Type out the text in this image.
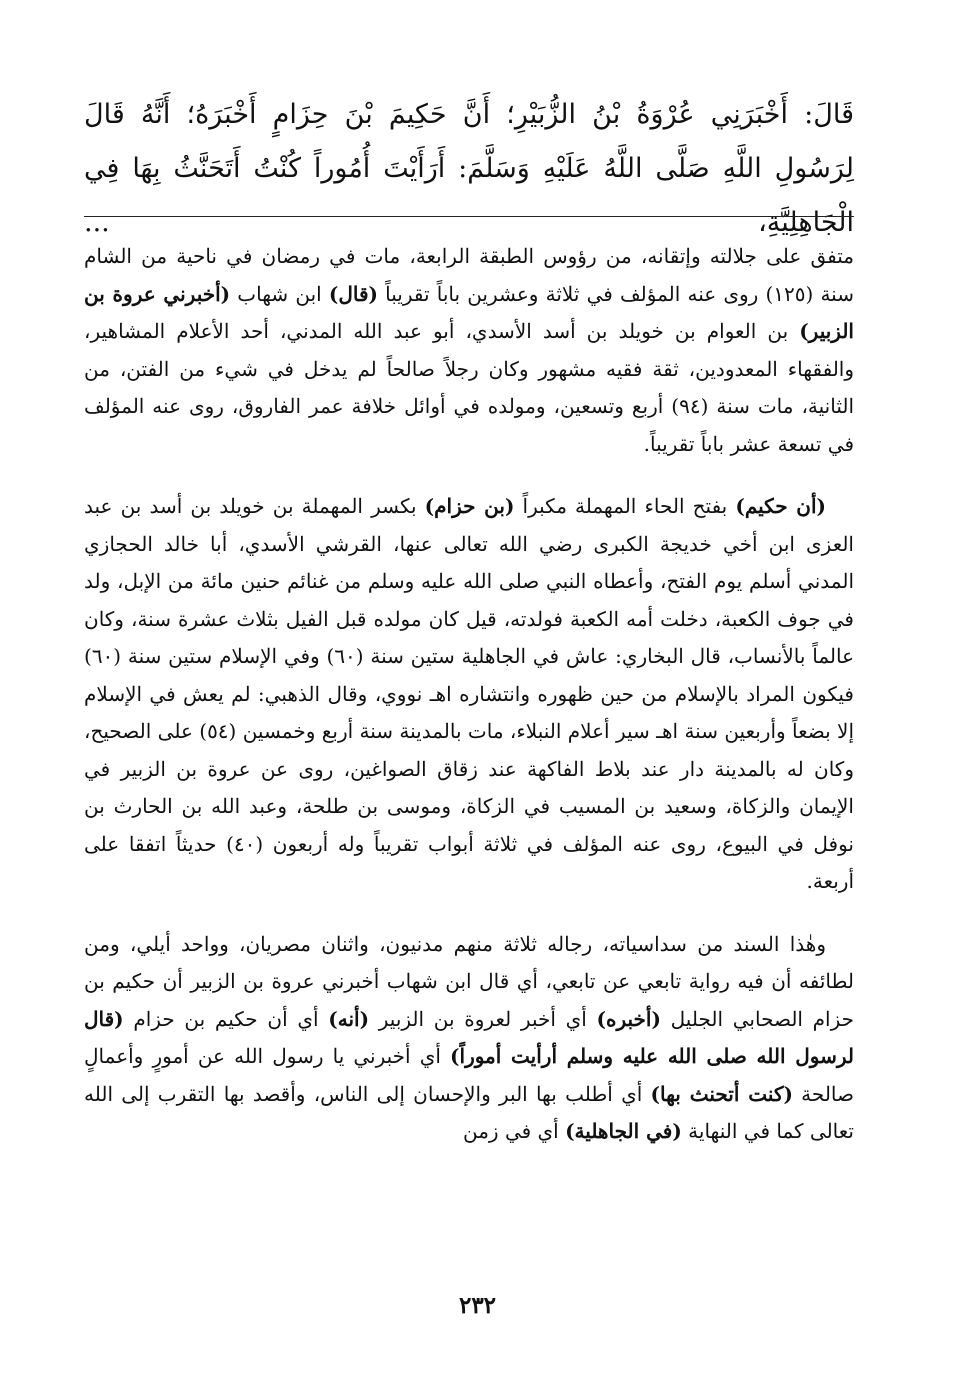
قَالَ: أَخْبَرَنِي عُرْوَةُ بْنُ الزُّبَيْرِ؛ أَنَّ حَكِيمَ بْنَ حِزَامٍ أَخْبَرَهُ؛ أَنَّهُ قَالَ لِرَسُولِ اللَّهِ صَلَّى اللَّهُ عَلَيْهِ وَسَلَّمَ: أَرَأَيْتَ أُمُوراً كُنْتُ أَتَحَنَّثُ بِهَا فِي الْجَاهِلِيَّةِ، ...

متفق على جلالته وإتقانه، من رؤوس الطبقة الرابعة، مات في رمضان في ناحية من الشام سنة (١٢٥) روى عنه المؤلف في ثلاثة وعشرين باباً تقريباً (قال) ابن شهاب (أخبرني عروة بن الزبير) بن العوام بن خويلد بن أسد الأسدي، أبو عبد الله المدني، أحد الأعلام المشاهير، والفقهاء المعدودين، ثقة فقيه مشهور وكان رجلاً صالحاً لم يدخل في شيء من الفتن، من الثانية، مات سنة (٩٤) أربع وتسعين، ومولده في أوائل خلافة عمر الفاروق، روى عنه المؤلف في تسعة عشر باباً تقريباً.

(أن حكيم) بفتح الحاء المهملة مكبراً (بن حزام) بكسر المهملة بن خويلد بن أسد بن عبد العزى ابن أخي خديجة الكبرى رضي الله تعالى عنها، القرشي الأسدي، أبا خالد الحجازي المدني أسلم يوم الفتح، وأعطاه النبي صلى الله عليه وسلم من غنائم حنين مائة من الإبل، ولد في جوف الكعبة، دخلت أمه الكعبة فولدته، قيل كان مولده قبل الفيل بثلاث عشرة سنة، وكان عالماً بالأنساب، قال البخاري: عاش في الجاهلية ستين سنة (٦٠) وفي الإسلام ستين سنة (٦٠) فيكون المراد بالإسلام من حين ظهوره وانتشاره اهـ نووي، وقال الذهبي: لم يعش في الإسلام إلا بضعاً وأربعين سنة اهـ سير أعلام النبلاء، مات بالمدينة سنة أربع وخمسين (٥٤) على الصحيح، وكان له بالمدينة دار عند بلاط الفاكهة عند زقاق الصواغين، روى عن عروة بن الزبير في الإيمان والزكاة، وسعيد بن المسيب في الزكاة، وموسى بن طلحة، وعبد الله بن الحارث بن نوفل في البيوع، روى عنه المؤلف في ثلاثة أبواب تقريباً وله أربعون (٤٠) حديثاً اتفقا على أربعة.

وهٰذا السند من سداسياته، رجاله ثلاثة منهم مدنيون، واثنان مصريان، وواحد أيلي، ومن لطائفه أن فيه رواية تابعي عن تابعي، أي قال ابن شهاب أخبرني عروة بن الزبير أن حكيم بن حزام الصحابي الجليل (أخبره) أي أخبر لعروة بن الزبير (أنه) أي أن حكيم بن حزام (قال لرسول الله صلى الله عليه وسلم أرأيت أموراً) أي أخبرني يا رسول الله عن أمورٍ وأعمالٍ صالحة (كنت أتحنث بها) أي أطلب بها البر والإحسان إلى الناس، وأقصد بها التقرب إلى الله تعالى كما في النهاية (في الجاهلية) أي في زمن

٢٣٢
